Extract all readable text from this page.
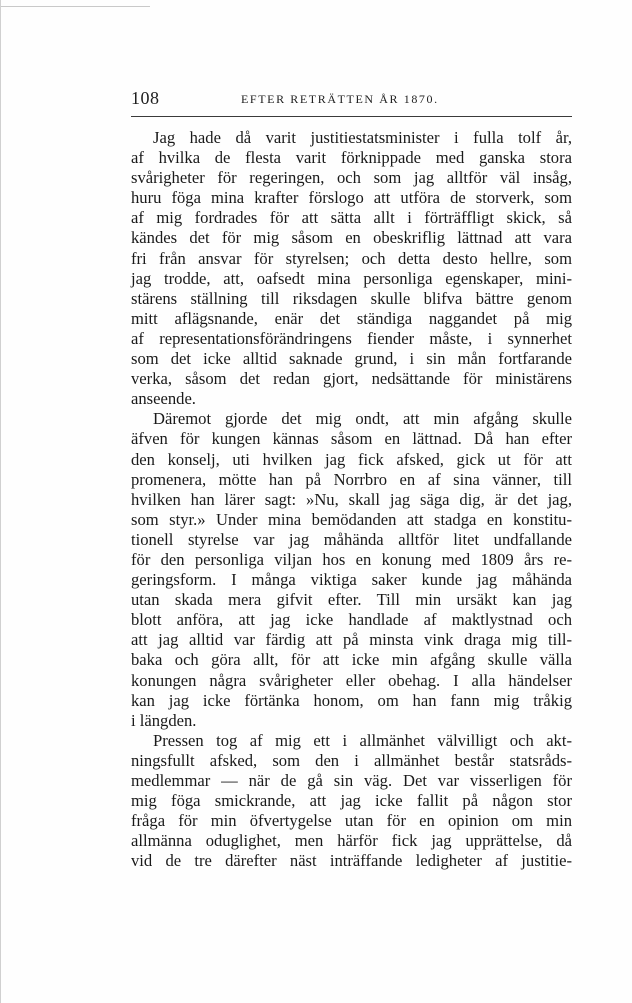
108	EFTER RETRÄTTEN ÅR 1870.
Jag hade då varit justitiestatsminister i fulla tolf år,
af hvilka de flesta varit förknippade med ganska stora
svårigheter för regeringen, och som jag alltför väl insåg,
huru föga mina krafter förslogo att utföra de storverk, som
af mig fordrades för att sätta allt i förträffligt skick, så
kändes det för mig såsom en obeskriflig lättnad att vara
fri från ansvar för styrelsen; och detta desto hellre, som
jag trodde, att, oafsedt mina personliga egenskaper, mini-
stärens ställning till riksdagen skulle blifva bättre genom
mitt aflägsnande, enär det ständiga naggandet på mig
af representationsförändringens fiender måste, i synnerhet
som det icke alltid saknade grund, i sin mån fortfarande
verka, såsom det redan gjort, nedsättande för ministärens
anseende.
Däremot gjorde det mig ondt, att min afgång skulle
äfven för kungen kännas såsom en lättnad. Då han efter
den konselj, uti hvilken jag fick afsked, gick ut för att
promenera, mötte han på Norrbro en af sina vänner, till
hvilken han lärer sagt: »Nu, skall jag säga dig, är det jag,
som styr.» Under mina bemödanden att stadga en konstitu-
tionell styrelse var jag måhända alltför litet undfallande
för den personliga viljan hos en konung med 1809 års re-
geringsform. I många viktiga saker kunde jag måhända
utan skada mera gifvit efter. Till min ursäkt kan jag
blott anföra, att jag icke handlade af maktlystnad och
att jag alltid var färdig att på minsta vink draga mig till-
baka och göra allt, för att icke min afgång skulle välla
konungen några svårigheter eller obehag. I alla händelser
kan jag icke förtänka honom, om han fann mig tråkig
i längden.
Pressen tog af mig ett i allmänhet välvilligt och akt-
ningsfullt afsked, som den i allmänhet består statsråds-
medlemmar — när de gå sin väg. Det var visserligen för
mig föga smickrande, att jag icke fallit på någon stor
fråga för min öfvertygelse utan för en opinion om min
allmänna oduglighet, men härför fick jag upprättelse, då
vid de tre därefter näst inträffande ledigheter af justitie-
